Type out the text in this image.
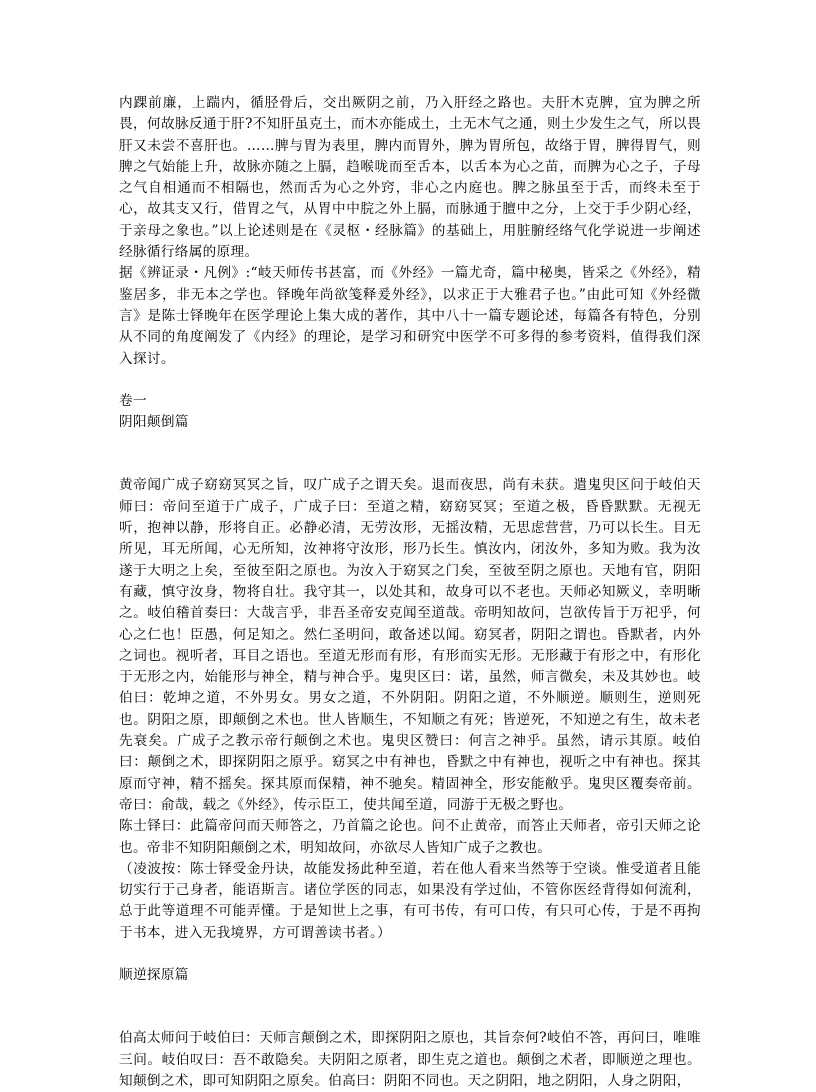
内踝前廉，上踹内，循胫骨后，交出厥阴之前，乃入肝经之路也。夫肝木克脾，宜为脾之所畏，何故脉反通于肝?不知肝虽克土，而木亦能成土，土无木气之通，则土少发生之气，所以畏肝又未尝不喜肝也。……脾与胃为表里，脾内而胃外，脾为胃所包，故络于胃，脾得胃气，则脾之气始能上升，故脉亦随之上膈，趋喉咙而至舌本，以舌本为心之苗，而脾为心之子，子母之气自相通而不相隔也，然而舌为心之外窍，非心之内庭也。脾之脉虽至于舌，而终未至于心，故其支又行，借胃之气，从胃中中脘之外上膈，而脉通于膻中之分，上交于手少阴心经，于亲母之象也。”以上论述则是在《灵枢・经脉篇》的基础上，用脏腑经络气化学说进一步阐述经脉循行络属的原理。

据《辨证录・凡例》:“岐天师传书甚富，而《外经》一篇尤奇，篇中秘奥，皆采之《外经》，精鉴居多，非无本之学也。铎晚年尚欲笺释爰外经》，以求正于大雅君子也。”由此可知《外经微言》是陈士铎晚年在医学理论上集大成的著作，其中八十一篇专题论述，每篇各有特色，分别从不同的角度阐发了《内经》的理论，是学习和研究中医学不可多得的参考资料，值得我们深入探讨。

卷一

阴阳颠倒篇

黄帝闻广成子窈窈冥冥之旨，叹广成子之谓天矣。退而夜思，尚有未获。遣鬼臾区问于岐伯天师曰：帝问至道于广成子，广成子曰：至道之精，窈窈冥冥；至道之极，昏昏默默。无视无听，抱神以静，形将自正。必静必清，无劳汝形，无摇汝精，无思虑营营，乃可以长生。目无所见，耳无所闻，心无所知，汝神将守汝形，形乃长生。慎汝内，闭汝外，多知为败。我为汝遂于大明之上矣，至彼至阳之原也。为汝入于窈冥之门矣，至彼至阴之原也。天地有官，阴阳有藏，慎守汝身，物将自壮。我守其一，以处其和，故身可以不老也。天师必知厥义，幸明晰之。岐伯稽首奏曰：大哉言乎，非吾圣帝安克闻至道哉。帝明知故问，岂欲传旨于万祀乎，何心之仁也！臣愚，何足知之。然仁圣明问，敢备述以闻。窈冥者，阴阳之谓也。昏默者，内外之词也。视听者，耳目之语也。至道无形而有形，有形而实无形。无形藏于有形之中，有形化于无形之内，始能形与神全，精与神合乎。鬼臾区曰：诺，虽然，师言微矣，未及其妙也。岐伯曰：乾坤之道，不外男女。男女之道，不外阴阳。阴阳之道，不外顺逆。顺则生，逆则死也。阴阳之原，即颠倒之术也。世人皆顺生，不知顺之有死；皆逆死，不知逆之有生，故未老先衰矣。广成子之教示帝行颠倒之术也。鬼臾区赞曰：何言之神乎。虽然，请示其原。岐伯曰：颠倒之术，即探阴阳之原乎。窈冥之中有神也，昏默之中有神也，视听之中有神也。探其原而守神，精不摇矣。探其原而保精，神不驰矣。精固神全，形安能敝乎。鬼臾区覆奏帝前。帝曰：俞哉，载之《外经》，传示臣工，使共闻至道，同游于无极之野也。

陈士铎曰：此篇帝问而天师答之，乃首篇之论也。问不止黄帝，而答止天师者，帝引天师之论也。帝非不知阴阳颠倒之术，明知故问，亦欲尽人皆知广成子之教也。

（凌波按：陈士铎受金丹诀，故能发扬此种至道，若在他人看来当然等于空谈。惟受道者且能切实行于己身者，能语斯言。诸位学医的同志，如果没有学过仙，不管你医经背得如何流利，总于此等道理不可能弄懂。于是知世上之事，有可书传，有可口传，有只可心传，于是不再拘于书本，进入无我境界，方可谓善读书者。）

顺逆探原篇

伯高太师问于岐伯曰：天师言颠倒之术，即探阴阳之原也，其旨奈何?岐伯不答，再问曰，唯唯三问。岐伯叹曰：吾不敢隐矣。夫阴阳之原者，即生克之道也。颠倒之术者，即顺逆之理也。知颠倒之术，即可知阴阳之原矣。伯高曰：阴阳不同也。天之阴阳，地之阴阳，人身之阴阳，
